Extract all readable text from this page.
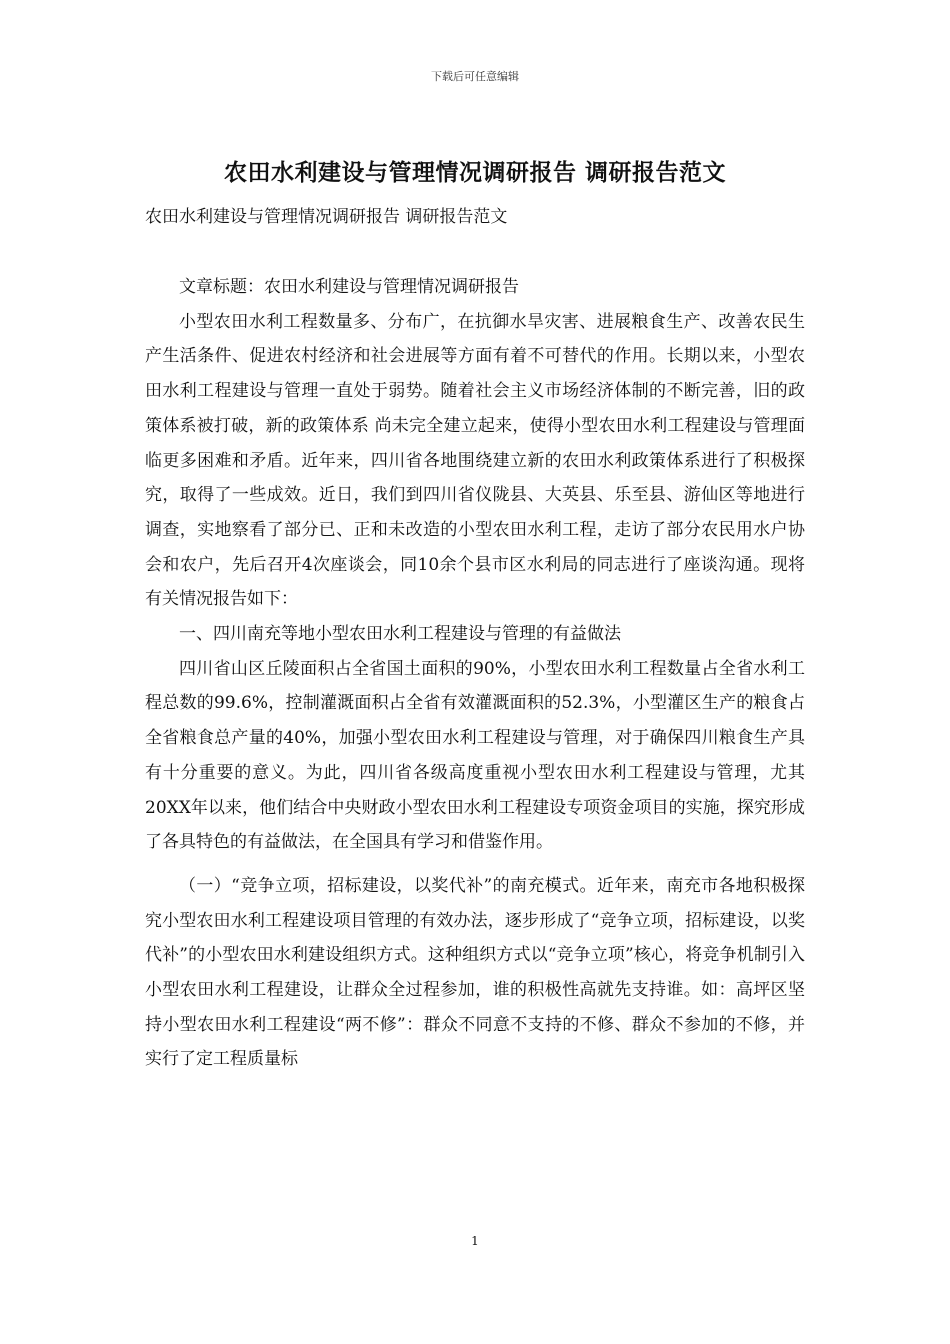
下载后可任意编辑
农田水利建设与管理情况调研报告 调研报告范文
农田水利建设与管理情况调研报告 调研报告范文

文章标题：农田水利建设与管理情况调研报告

小型农田水利工程数量多、分布广，在抗御水旱灾害、进展粮食生产、改善农民生产生活条件、促进农村经济和社会进展等方面有着不可替代的作用。长期以来，小型农田水利工程建设与管理一直处于弱势。随着社会主义市场经济体制的不断完善，旧的政策体系被打破，新的政策体系 尚未完全建立起来，使得小型农田水利工程建设与管理面临更多困难和矛盾。近年来，四川省各地围绕建立新的农田水利政策体系进行了积极探究，取得了一些成效。近日，我们到四川省仪陇县、大英县、乐至县、游仙区等地进行调查，实地察看了部分已、正和未改造的小型农田水利工程，走访了部分农民用水户协会和农户，先后召开4次座谈会，同10余个县市区水利局的同志进行了座谈沟通。现将有关情况报告如下：

一、四川南充等地小型农田水利工程建设与管理的有益做法

四川省山区丘陵面积占全省国土面积的90%，小型农田水利工程数量占全省水利工程总数的99.6%，控制灌溉面积占全省有效灌溉面积的52.3%，小型灌区生产的粮食占全省粮食总产量的40%，加强小型农田水利工程建设与管理，对于确保四川粮食生产具有十分重要的意义。为此，四川省各级高度重视小型农田水利工程建设与管理，尤其20XX年以来，他们结合中央财政小型农田水利工程建设专项资金项目的实施，探究形成了各具特色的有益做法，在全国具有学习和借鉴作用。

（一）“竞争立项，招标建设，以奖代补”的南充模式。近年来，南充市各地积极探究小型农田水利工程建设项目管理的有效办法，逐步形成了“竞争立项，招标建设，以奖代补”的小型农田水利建设组织方式。这种组织方式以“竞争立项”核心，将竞争机制引入小型农田水利工程建设，让群众全过程参加，谁的积极性高就先支持谁。如：高坪区坚持小型农田水利工程建设“两不修”：群众不同意不支持的不修、群众不参加的不修，并实行了定工程质量标

1
